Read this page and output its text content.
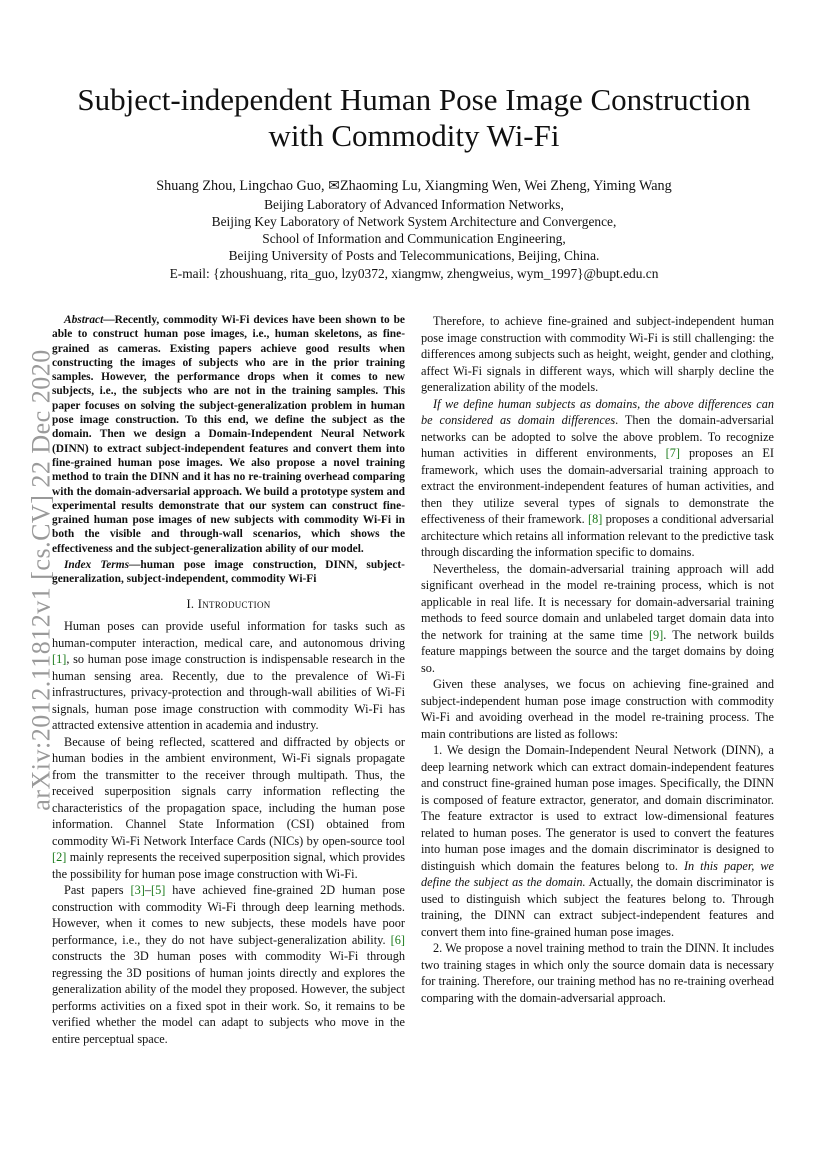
arXiv:2012.11812v1 [cs.CV] 22 Dec 2020
Subject-independent Human Pose Image Construction with Commodity Wi-Fi
Shuang Zhou, Lingchao Guo, ✉Zhaoming Lu, Xiangming Wen, Wei Zheng, Yiming Wang
Beijing Laboratory of Advanced Information Networks,
Beijing Key Laboratory of Network System Architecture and Convergence,
School of Information and Communication Engineering,
Beijing University of Posts and Telecommunications, Beijing, China.
E-mail: {zhoushuang, rita_guo, lzy0372, xiangmw, zhengweius, wym_1997}@bupt.edu.cn

Abstract—Recently, commodity Wi-Fi devices have been shown to be able to construct human pose images, i.e., human skeletons, as fine-grained as cameras. Existing papers achieve good results when constructing the images of subjects who are in the prior training samples. However, the performance drops when it comes to new subjects, i.e., the subjects who are not in the training samples. This paper focuses on solving the subject-generalization problem in human pose image construction. To this end, we define the subject as the domain. Then we design a Domain-Independent Neural Network (DINN) to extract subject-independent features and convert them into fine-grained human pose images. We also propose a novel training method to train the DINN and it has no re-training overhead comparing with the domain-adversarial approach. We build a prototype system and experimental results demonstrate that our system can construct fine-grained human pose images of new subjects with commodity Wi-Fi in both the visible and through-wall scenarios, which shows the effectiveness and the subject-generalization ability of our model.

Index Terms—human pose image construction, DINN, subject-generalization, subject-independent, commodity Wi-Fi

I. Introduction

Human poses can provide useful information for tasks such as human-computer interaction, medical care, and autonomous driving [1], so human pose image construction is indispensable research in the human sensing area. Recently, due to the prevalence of Wi-Fi infrastructures, privacy-protection and through-wall abilities of Wi-Fi signals, human pose image construction with commodity Wi-Fi has attracted extensive attention in academia and industry.

Because of being reflected, scattered and diffracted by objects or human bodies in the ambient environment, Wi-Fi signals propagate from the transmitter to the receiver through multipath. Thus, the received superposition signals carry information reflecting the characteristics of the propagation space, including the human pose information. Channel State Information (CSI) obtained from commodity Wi-Fi Network Interface Cards (NICs) by open-source tool [2] mainly represents the received superposition signal, which provides the possibility for human pose image construction with Wi-Fi.

Past papers [3]–[5] have achieved fine-grained 2D human pose construction with commodity Wi-Fi through deep learning methods. However, when it comes to new subjects, these models have poor performance, i.e., they do not have subject-generalization ability. [6] constructs the 3D human poses with commodity Wi-Fi through regressing the 3D positions of human joints directly and explores the generalization ability of the model they proposed. However, the subject performs activities on a fixed spot in their work. So, it remains to be verified whether the model can adapt to subjects who move in the entire perceptual space.

Therefore, to achieve fine-grained and subject-independent human pose image construction with commodity Wi-Fi is still challenging: the differences among subjects such as height, weight, gender and clothing, affect Wi-Fi signals in different ways, which will sharply decline the generalization ability of the models.

If we define human subjects as domains, the above differences can be considered as domain differences. Then the domain-adversarial networks can be adopted to solve the above problem. To recognize human activities in different environments, [7] proposes an EI framework, which uses the domain-adversarial training approach to extract the environment-independent features of human activities, and then they utilize several types of signals to demonstrate the effectiveness of their framework. [8] proposes a conditional adversarial architecture which retains all information relevant to the predictive task through discarding the information specific to domains.

Nevertheless, the domain-adversarial training approach will add significant overhead in the model re-training process, which is not applicable in real life. It is necessary for domain-adversarial training methods to feed source domain and unlabeled target domain data into the network for training at the same time [9]. The network builds feature mappings between the source and the target domains by doing so.

Given these analyses, we focus on achieving fine-grained and subject-independent human pose image construction with commodity Wi-Fi and avoiding overhead in the model re-training process. The main contributions are listed as follows:

1. We design the Domain-Independent Neural Network (DINN), a deep learning network which can extract domain-independent features and construct fine-grained human pose images. Specifically, the DINN is composed of feature extractor, generator, and domain discriminator. The feature extractor is used to extract low-dimensional features related to human poses. The generator is used to convert the features into human pose images and the domain discriminator is designed to distinguish which domain the features belong to. In this paper, we define the subject as the domain. Actually, the domain discriminator is used to distinguish which subject the features belong to. Through training, the DINN can extract subject-independent features and convert them into fine-grained human pose images.

2. We propose a novel training method to train the DINN. It includes two training stages in which only the source domain data is necessary for training. Therefore, our training method has no re-training overhead comparing with the domain-adversarial approach.
